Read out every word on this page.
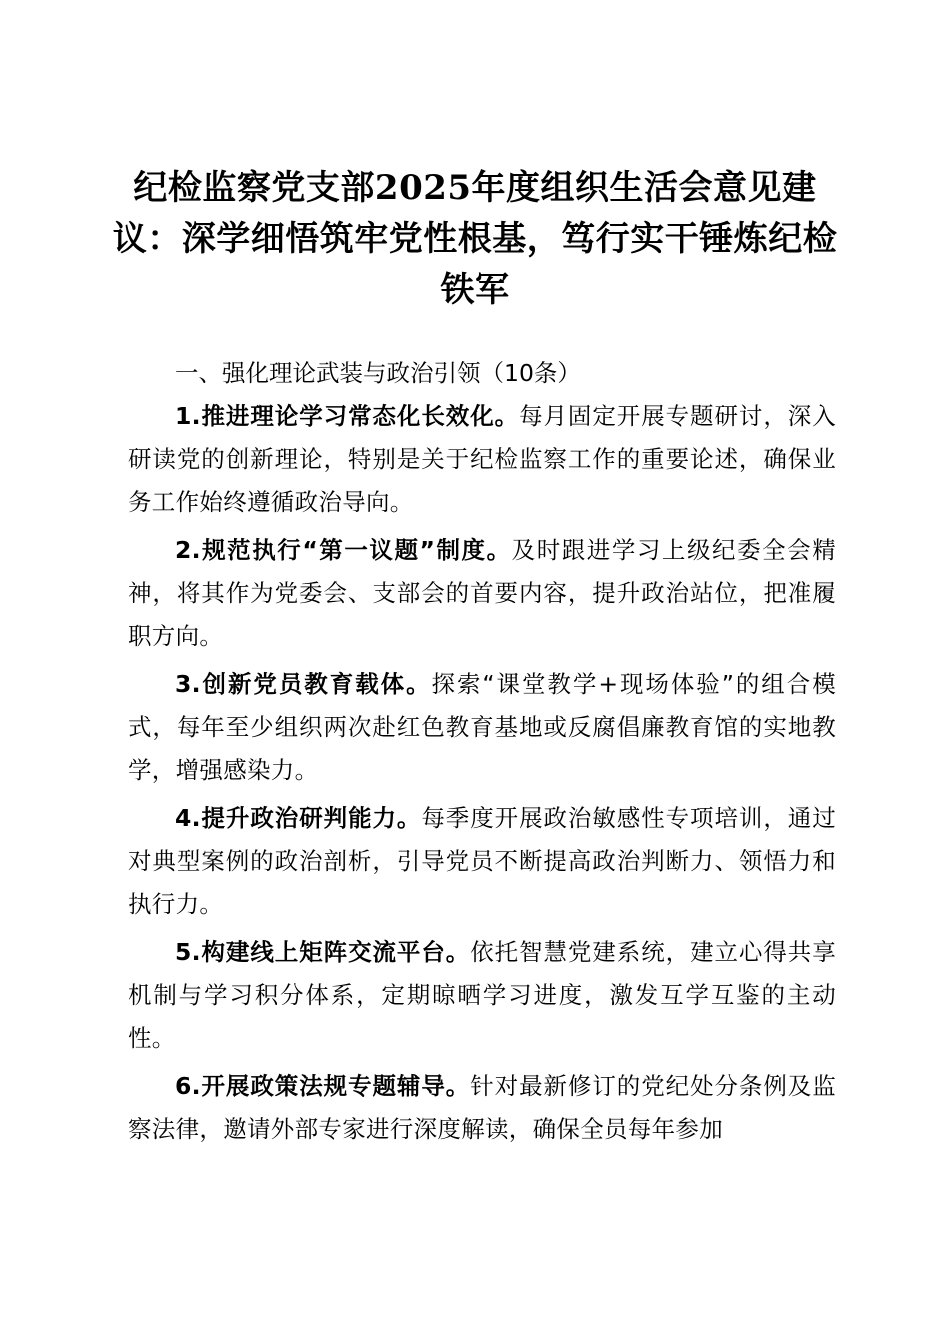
纪检监察党支部2025年度组织生活会意见建议：深学细悟筑牢党性根基，笃行实干锤炼纪检铁军

一、强化理论武装与政治引领（10条）

1.推进理论学习常态化长效化。每月固定开展专题研讨，深入研读党的创新理论，特别是关于纪检监察工作的重要论述，确保业务工作始终遵循政治导向。

2.规范执行“第一议题”制度。及时跟进学习上级纪委全会精神，将其作为党委会、支部会的首要内容，提升政治站位，把准履职方向。

3.创新党员教育载体。探索“课堂教学+现场体验”的组合模式，每年至少组织两次赴红色教育基地或反腐倡廉教育馆的实地教学，增强感染力。

4.提升政治研判能力。每季度开展政治敏感性专项培训，通过对典型案例的政治剖析，引导党员不断提高政治判断力、领悟力和执行力。

5.构建线上矩阵交流平台。依托智慧党建系统，建立心得共享机制与学习积分体系，定期晾晒学习进度，激发互学互鉴的主动性。

6.开展政策法规专题辅导。针对最新修订的党纪处分条例及监察法律，邀请外部专家进行深度解读，确保全员每年参加
